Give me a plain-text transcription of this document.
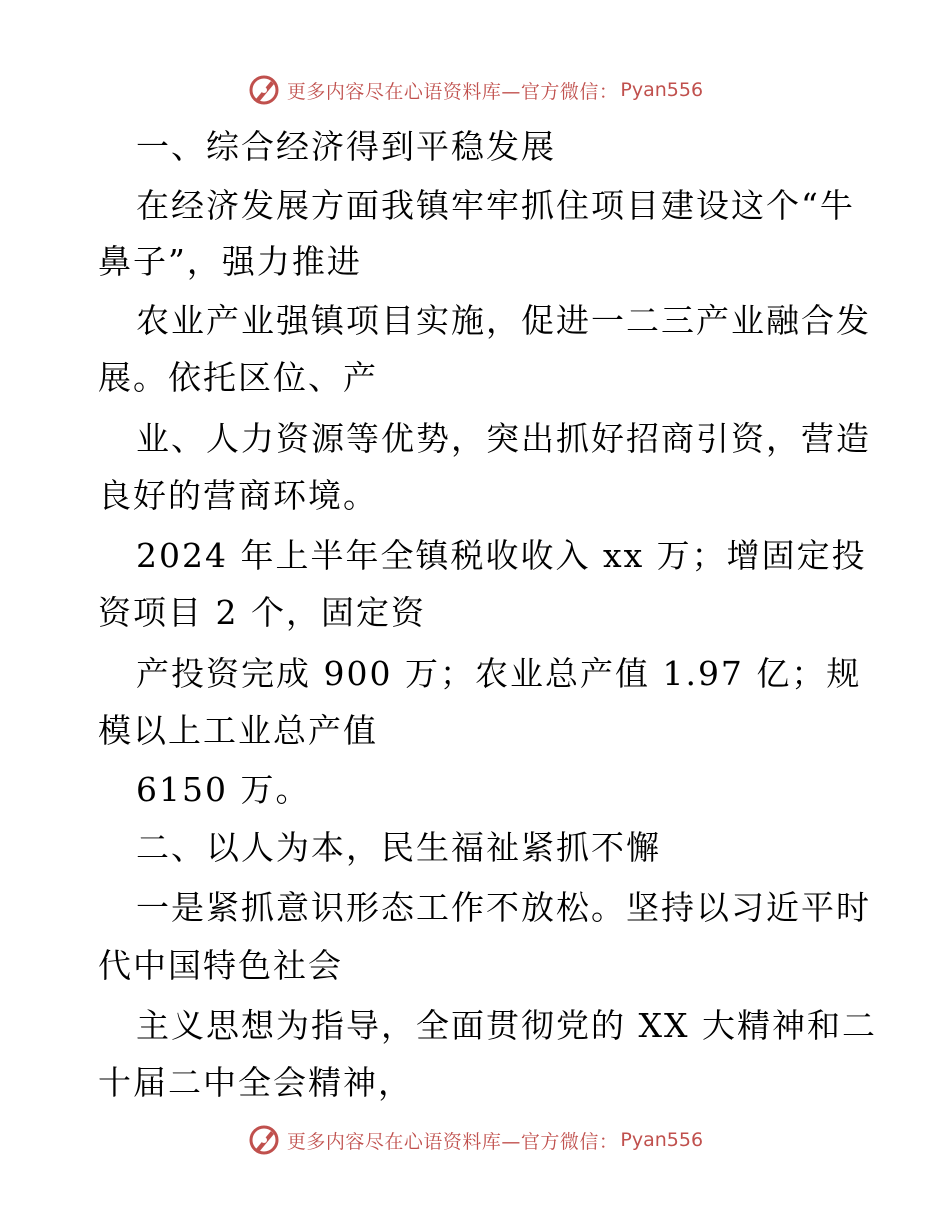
更多内容尽在心语资料库—官方微信： Pyan556
一、综合经济得到平稳发展
在经济发展方面我镇牢牢抓住项目建设这个“牛
鼻子”，强力推进
农业产业强镇项目实施，促进一二三产业融合发
展。依托区位、产
业、人力资源等优势，突出抓好招商引资，营造
良好的营商环境。
2024 年上半年全镇税收收入 xx 万；增固定投
资项目 2 个，固定资
产投资完成 900 万；农业总产值 1.97 亿；规
模以上工业总产值
6150 万。
二、以人为本，民生福祉紧抓不懈
一是紧抓意识形态工作不放松。坚持以习近平时
代中国特色社会
主义思想为指导，全面贯彻党的 XX 大精神和二
十届二中全会精神，
更多内容尽在心语资料库—官方微信： Pyan556
